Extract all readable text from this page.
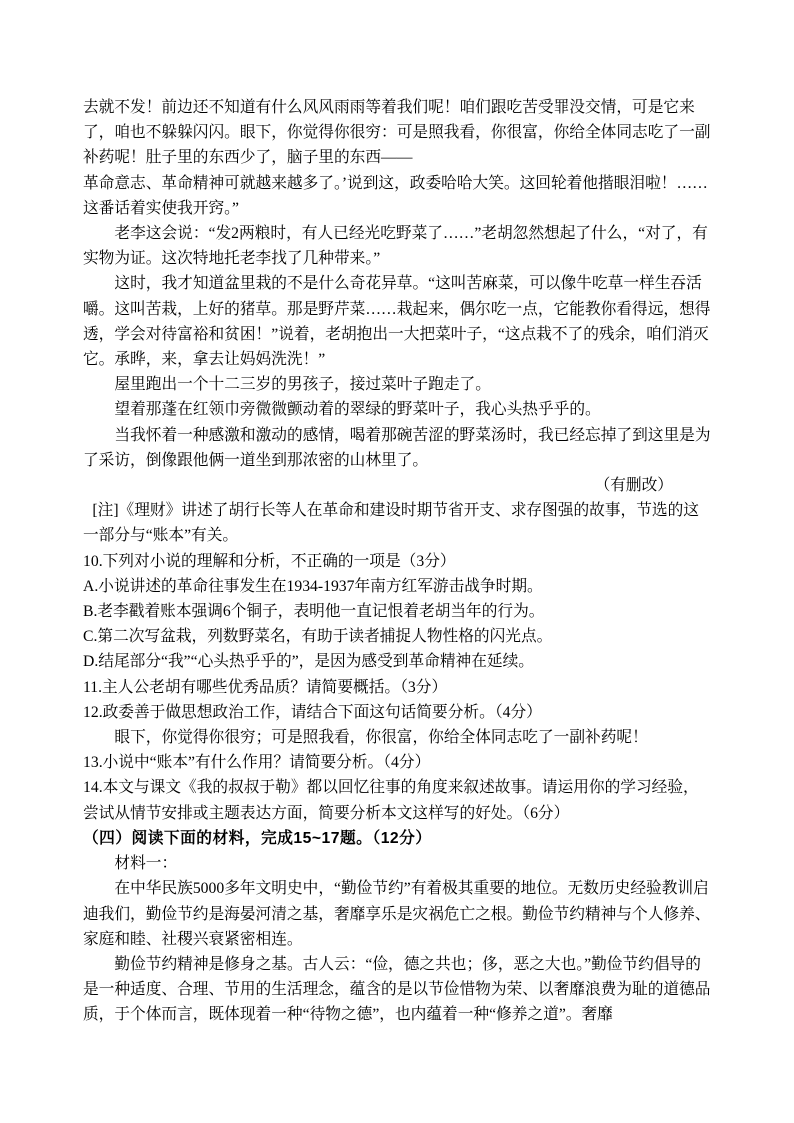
去就不发！前边还不知道有什么风风雨雨等着我们呢！咱们跟吃苦受罪没交情，可是它来了，咱也不躲躲闪闪。眼下，你觉得你很穷：可是照我看，你很富，你给全体同志吃了一副补药呢！肚子里的东西少了，脑子里的东西——

革命意志、革命精神可就越来越多了。’说到这，政委哈哈大笑。这回轮着他揩眼泪啦！……这番话着实使我开窍。”

老李这会说：“发2两粮时，有人已经光吃野菜了……”老胡忽然想起了什么，“对了，有实物为证。这次特地托老李找了几种带来。”

这时，我才知道盆里栽的不是什么奇花异草。“这叫苦麻菜，可以像牛吃草一样生吞活嚼。这叫苦栽，上好的猪草。那是野芹菜……栽起来，偶尔吃一点，它能教你看得远，想得透，学会对待富裕和贫困！”说着，老胡抱出一大把菜叶子，“这点栽不了的残余，咱们消灭它。承晔，来，拿去让妈妈洗洗！”

屋里跑出一个十二三岁的男孩子，接过菜叶子跑走了。

望着那蓬在红领巾旁微微颤动着的翠绿的野菜叶子，我心头热乎乎的。

当我怀着一种感激和激动的感情，喝着那碗苦涩的野菜汤时，我已经忘掉了到这里是为了采访，倒像跟他俩一道坐到那浓密的山林里了。

（有删改）

[注]《理财》讲述了胡行长等人在革命和建设时期节省开支、求存图强的故事，节选的这一部分与“账本”有关。

10.下列对小说的理解和分析，不正确的一项是（3分）

A.小说讲述的革命往事发生在1934-1937年南方红军游击战争时期。

B.老李戳着账本强调6个铜子，表明他一直记恨着老胡当年的行为。

C.第二次写盆栽，列数野菜名，有助于读者捕捉人物性格的闪光点。

D.结尾部分“我”“心头热乎乎的”，是因为感受到革命精神在延续。

11.主人公老胡有哪些优秀品质？请简要概括。（3分）

12.政委善于做思想政治工作，请结合下面这句话简要分析。（4分）

眼下，你觉得你很穷；可是照我看，你很富，你给全体同志吃了一副补药呢！

13.小说中“账本”有什么作用？请简要分析。（4分）

14.本文与课文《我的叔叔于勒》都以回忆往事的角度来叙述故事。请运用你的学习经验，尝试从情节安排或主题表达方面，简要分析本文这样写的好处。（6分）

（四）阅读下面的材料，完成15~17题。（12分）

材料一：

在中华民族5000多年文明史中，“勤俭节约”有着极其重要的地位。无数历史经验教训启迪我们，勤俭节约是海晏河清之基，奢靡享乐是灾祸危亡之根。勤俭节约精神与个人修养、家庭和睦、社稷兴衰紧密相连。

勤俭节约精神是修身之基。古人云：“俭，德之共也；侈，恶之大也。”勤俭节约倡导的是一种适度、合理、节用的生活理念，蕴含的是以节俭惜物为荣、以奢靡浪费为耻的道德品质，于个体而言，既体现着一种“待物之德”，也内蕴着一种“修养之道”。奢靡
